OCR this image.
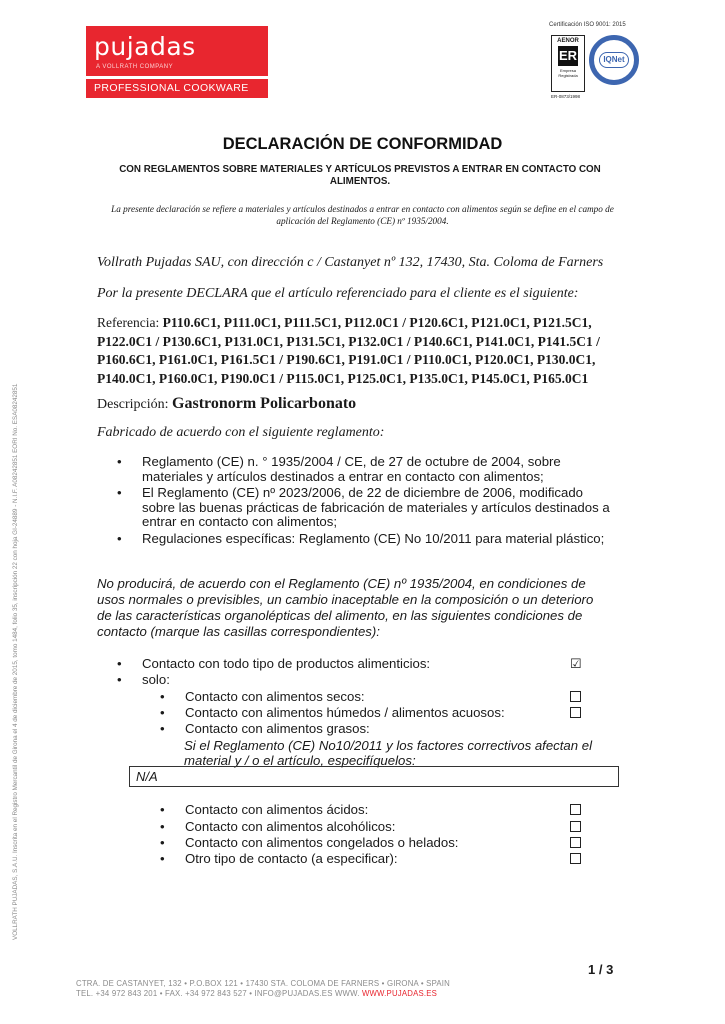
pujadas
A VOLLRATH COMPANY
PROFESSIONAL COOKWARE
Certificación ISO 9001: 2015
AENOR
ER
Empresa Registrada
ER-0873/1998
IQNet
DECLARACIÓN DE CONFORMIDAD
CON REGLAMENTOS SOBRE MATERIALES Y ARTÍCULOS PREVISTOS A ENTRAR EN CONTACTO CON ALIMENTOS.
La presente declaración se refiere a materiales y artículos destinados a entrar en contacto con alimentos según se define en el campo de aplicación del Reglamento (CE) nº 1935/2004.
Vollrath Pujadas SAU, con dirección c / Castanyet nº 132, 17430, Sta. Coloma de Farners
Por la presente DECLARA que el artículo referenciado para el cliente es el siguiente:
Referencia: P110.6C1, P111.0C1, P111.5C1, P112.0C1 / P120.6C1, P121.0C1, P121.5C1, P122.0C1 / P130.6C1, P131.0C1, P131.5C1, P132.0C1 / P140.6C1, P141.0C1, P141.5C1 / P160.6C1, P161.0C1, P161.5C1 / P190.6C1, P191.0C1 / P110.0C1, P120.0C1, P130.0C1, P140.0C1, P160.0C1, P190.0C1 / P115.0C1, P125.0C1, P135.0C1, P145.0C1, P165.0C1
Descripción: Gastronorm Policarbonato
Fabricado de acuerdo con el siguiente reglamento:
• Reglamento (CE) n. ° 1935/2004 / CE, de 27 de octubre de 2004, sobre materiales y artículos destinados a entrar en contacto con alimentos;
• El Reglamento (CE) nº 2023/2006, de 22 de diciembre de 2006, modificado sobre las buenas prácticas de fabricación de materiales y artículos destinados a entrar en contacto con alimentos;
• Regulaciones específicas: Reglamento (CE) No 10/2011 para material plástico;
No producirá, de acuerdo con el Reglamento (CE) nº 1935/2004, en condiciones de usos normales o previsibles, un cambio inaceptable en la composición o un deterioro de las características organolépticas del alimento, en las siguientes condiciones de contacto (marque las casillas correspondientes):
• Contacto con todo tipo de productos alimenticios:	☑
• solo:
• Contacto con alimentos secos:
• Contacto con alimentos húmedos / alimentos acuosos:
• Contacto con alimentos grasos:
Si el Reglamento (CE) No10/2011 y los factores correctivos afectan el material y / o el artículo, especifíquelos:
N/A
• Contacto con alimentos ácidos:
• Contacto con alimentos alcohólicos:
• Contacto con alimentos congelados o helados:
• Otro tipo de contacto (a especificar):
1 / 3
CTRA. DE CASTANYET, 132 • P.O.BOX 121 • 17430 STA. COLOMA DE FARNERS • GIRONA • SPAIN
TEL. +34 972 843 201 • FAX. +34 972 843 527 • INFO@PUJADAS.ES WWW. WWW.PUJADAS.ES
VOLLRATH PUJADAS, S.A.U. Inscrita en el Registro Mercantil de Girona el 4 de diciembre de 2015, tomo 1484, folio 35, inscripción 22 con hoja GI-24889 - N.I.F. A08242851 EORI No. ESA08242851
